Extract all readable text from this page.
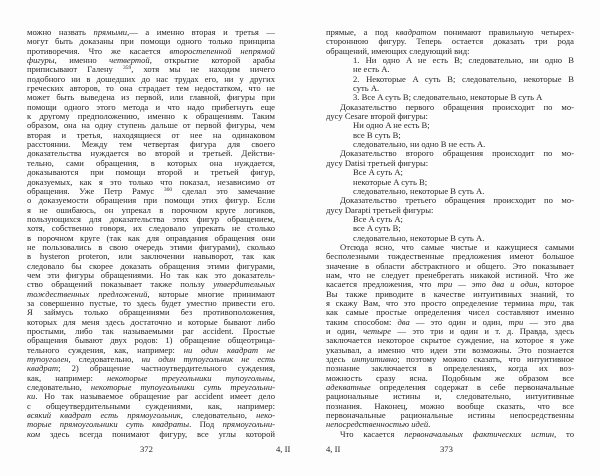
можно назвать прямыми,— а именно вторая и третья —
могут быть доказаны при помощи одного только принципа
противоречия. Что же касается второстепенной непрямой
фигуры, именно четвертой, открытие которой арабы
приписывают Галену $^{359}$, хотя мы не находим ничего
подобного ни в дошедших до нас трудах его, ни у других
греческих авторов, то она страдает тем недостатком, что не
может быть выведена из первой, или главной, фигуры при
помощи одного этого метода и что надо прибегнуть еще
к другому предположению, именно к обращениям. Таким
образом, она на одну ступень дальше от первой фигуры, чем
вторая и третья, находящиеся от нее на одинаковом
расстоянии. Между тем четвертая фигура для своего
доказательства нуждается во второй и третьей. Действи-
тельно, сами обращения, в которых она нуждается,
доказываются при помощи второй и третьей фигур,
доказуемых, как я это только что показал, независимо от
обращения. Уже Петр Рамус $^{360}$ сделал это замечание
о доказуемости обращения при помощи этих фигур. Если
я не ошибаюсь, он упрекал в порочном круге логиков,
пользующихся для доказательства этих фигур обращением,
хотя, собственно говоря, их следовало упрекать не столько
в порочном круге (так как для оправдания обращения они
не пользовались в свою очередь этими фигурами), сколько
в hysteron proteron, или заключении навыворот, так как
следовало бы скорее доказать обращения этими фигурами,
чем эти фигуры обращениями. Но так как это доказатель-
ство обращений показывает также пользу утвердительных
тождественных предложений, которые многие принимают
за совершенно пустые, то здесь будет уместно привести его.
Я займусь только обращениями без противоположения,
которых для меня здесь достаточно и которые бывают либо
простыми, либо так называемыми par accident. Простые
обращения бывают двух родов: 1) обращение общеотрица-
тельного суждения, как, например: ни один квадрат не
тупоуголен, следовательно, ни один тупоугольник не есть
квадрат; 2) обращение частноутвердительного суждения,
как, например: некоторые треугольники тупоугольны,
следовательно, некоторые тупоугольники суть треугольни-
ки. Но так называемое обращение par accident имеет дело
с общеутвердительными суждениями, как, например:
всякий квадрат есть прямоугольник, следовательно, неко-
торые прямоугольники суть квадраты. Под прямоугольни-
ком здесь всегда понимают фигуру, все углы которой
прямые, а под квадратом понимают правильную четырех-
стороннюю фигуру. Теперь остается доказать три рода
обращений, имеющих следующий вид:
1. Ни одно A не есть B; следовательно, ни одно B
не есть A.
2. Некоторые A суть B; следовательно, некоторые B
суть A.
3. Все A суть B; следовательно, некоторые B суть A
Доказательство первого обращения происходит по мо-
дусу Cesare второй фигуры:
Ни одно A не есть B;
все B суть B;
следовательно, ни одно B не есть A.
Доказательство второго обращения происходит по мо-
дусу Datisi третьей фигуры:
Все A суть A;
некоторые A суть B;
следовательно, некоторые B суть A.
Доказательство третьего обращения происходит по мо-
дусу Darapti третьей фигуры:
Все A суть A;
все A суть B;
следовательно, некоторые B суть A.
Отсюда ясно, что самые чистые и кажущиеся самыми
бесполезными тождественные предложения имеют большое
значение в области абстрактного и общего. Это показывает
нам, что не следует пренебрегать никакой истиной. Что же
касается предложения, что три — это два и один, которое
Вы также приводите в качестве интуитивных знаний, то
я скажу Вам, что это просто определение термина три, так
как самые простые определения чисел составляют именно
таким способом: два — это один и один, три — это два
и один, четыре — это три и один и т. д. Правда, здесь
заключается некоторое скрытое суждение, на которое я уже
указывал, а именно что идеи эти возможны. Это познается
здесь интуитивно; поэтому можно сказать, что интуитивное
познание заключается в определениях, когда их воз-
можность сразу ясна. Подобным же образом все
адекватные определения содержат в себе первоначальные
рациональные истины и, следовательно, интуитивные
познания. Наконец, можно вообще сказать, что все
первоначальные рациональные истины непосредственны
непосредственностью идей.
Что касается первоначальных фактических истин, то
372	4, II	4, II	373
